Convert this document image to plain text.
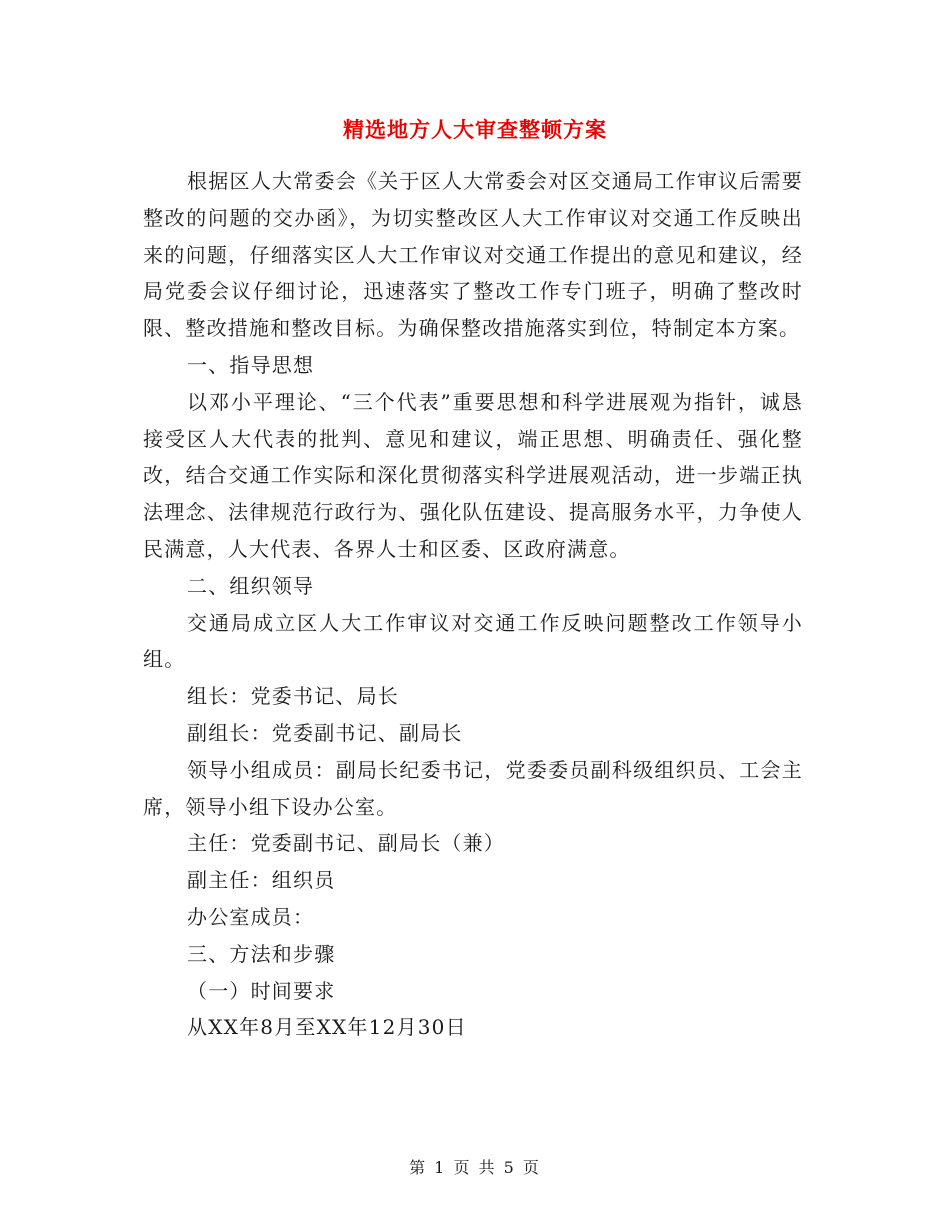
精选地方人大审查整顿方案

根据区人大常委会《关于区人大常委会对区交通局工作审议后需要整改的问题的交办函》，为切实整改区人大工作审议对交通工作反映出来的问题，仔细落实区人大工作审议对交通工作提出的意见和建议，经局党委会议仔细讨论，迅速落实了整改工作专门班子，明确了整改时限、整改措施和整改目标。为确保整改措施落实到位，特制定本方案。

一、指导思想

以邓小平理论、“三个代表”重要思想和科学进展观为指针，诚恳接受区人大代表的批判、意见和建议，端正思想、明确责任、强化整改，结合交通工作实际和深化贯彻落实科学进展观活动，进一步端正执法理念、法律规范行政行为、强化队伍建设、提高服务水平，力争使人民满意，人大代表、各界人士和区委、区政府满意。

二、组织领导

交通局成立区人大工作审议对交通工作反映问题整改工作领导小组。

组长：党委书记、局长

副组长：党委副书记、副局长

领导小组成员：副局长纪委书记，党委委员副科级组织员、工会主席，领导小组下设办公室。

主任：党委副书记、副局长（兼）

副主任：组织员

办公室成员：

三、方法和步骤

（一）时间要求

从XX年8月至XX年12月30日

第 1 页 共 5 页
